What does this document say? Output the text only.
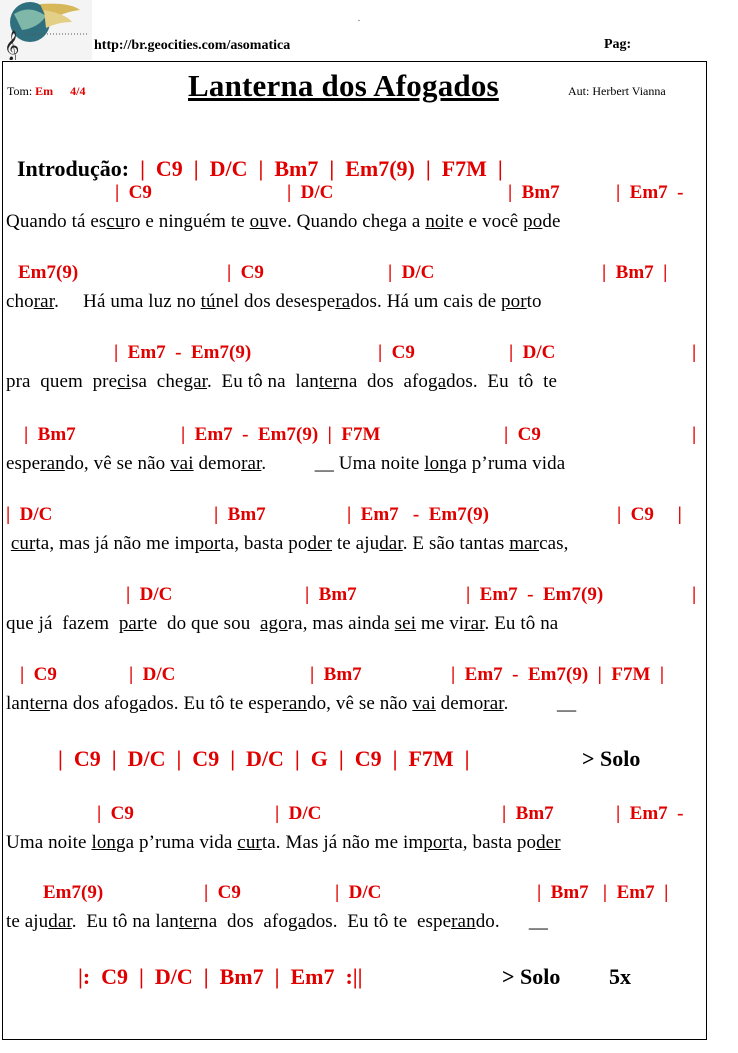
𝄞
.
http://br.geocities.com/asomatica	Pag:
Tom: Em 4/4	Lanterna dos Afogados	Aut: Herbert Vianna

Introdução:  |  C9  |  D/C  |  Bm7  |  Em7(9)  |  F7M  |

|  C9	|  D/C	|  Bm7	|  Em7  -
Quando tá escuro e ninguém te ouve. Quando chega a noite e você pode
Em7(9)	|  C9	|  D/C	|  Bm7  |
chorar.     Há uma luz no túnel dos desesperados. Há um cais de porto
|  Em7  -  Em7(9)	|  C9	|  D/C	|
pra  quem  precisa  chegar.  Eu tô na  lanterna  dos  afogados.  Eu  tô  te
|  Bm7	|  Em7  -  Em7(9)  |  F7M	|  C9	|
esperando, vê se não vai demorar.          __ Uma noite longa p’ruma vida
|  D/C	|  Bm7	|  Em7   -  Em7(9)	|  C9     |
curta, mas já não me importa, basta poder te ajudar. E são tantas marcas,
|  D/C	|  Bm7	|  Em7  -  Em7(9)	|
que já  fazem  parte  do que sou  agora, mas ainda sei me virar. Eu tô na
|  C9	|  D/C	|  Bm7	|  Em7  -  Em7(9)  |  F7M  |
lanterna dos afogados. Eu tô te esperando, vê se não vai demorar.          __
|  C9  |  D/C  |  C9  |  D/C  |  G  |  C9  |  F7M  |	> Solo
|  C9	|  D/C	|  Bm7	|  Em7  -
Uma noite longa p’ruma vida curta. Mas já não me importa, basta poder
Em7(9)	|  C9	|  D/C	|  Bm7   |  Em7  |
te ajudar.  Eu tô na lanterna  dos  afogados.  Eu tô te  esperando.      __
|:  C9  |  D/C  |  Bm7  |  Em7  :||	> Solo 5x
